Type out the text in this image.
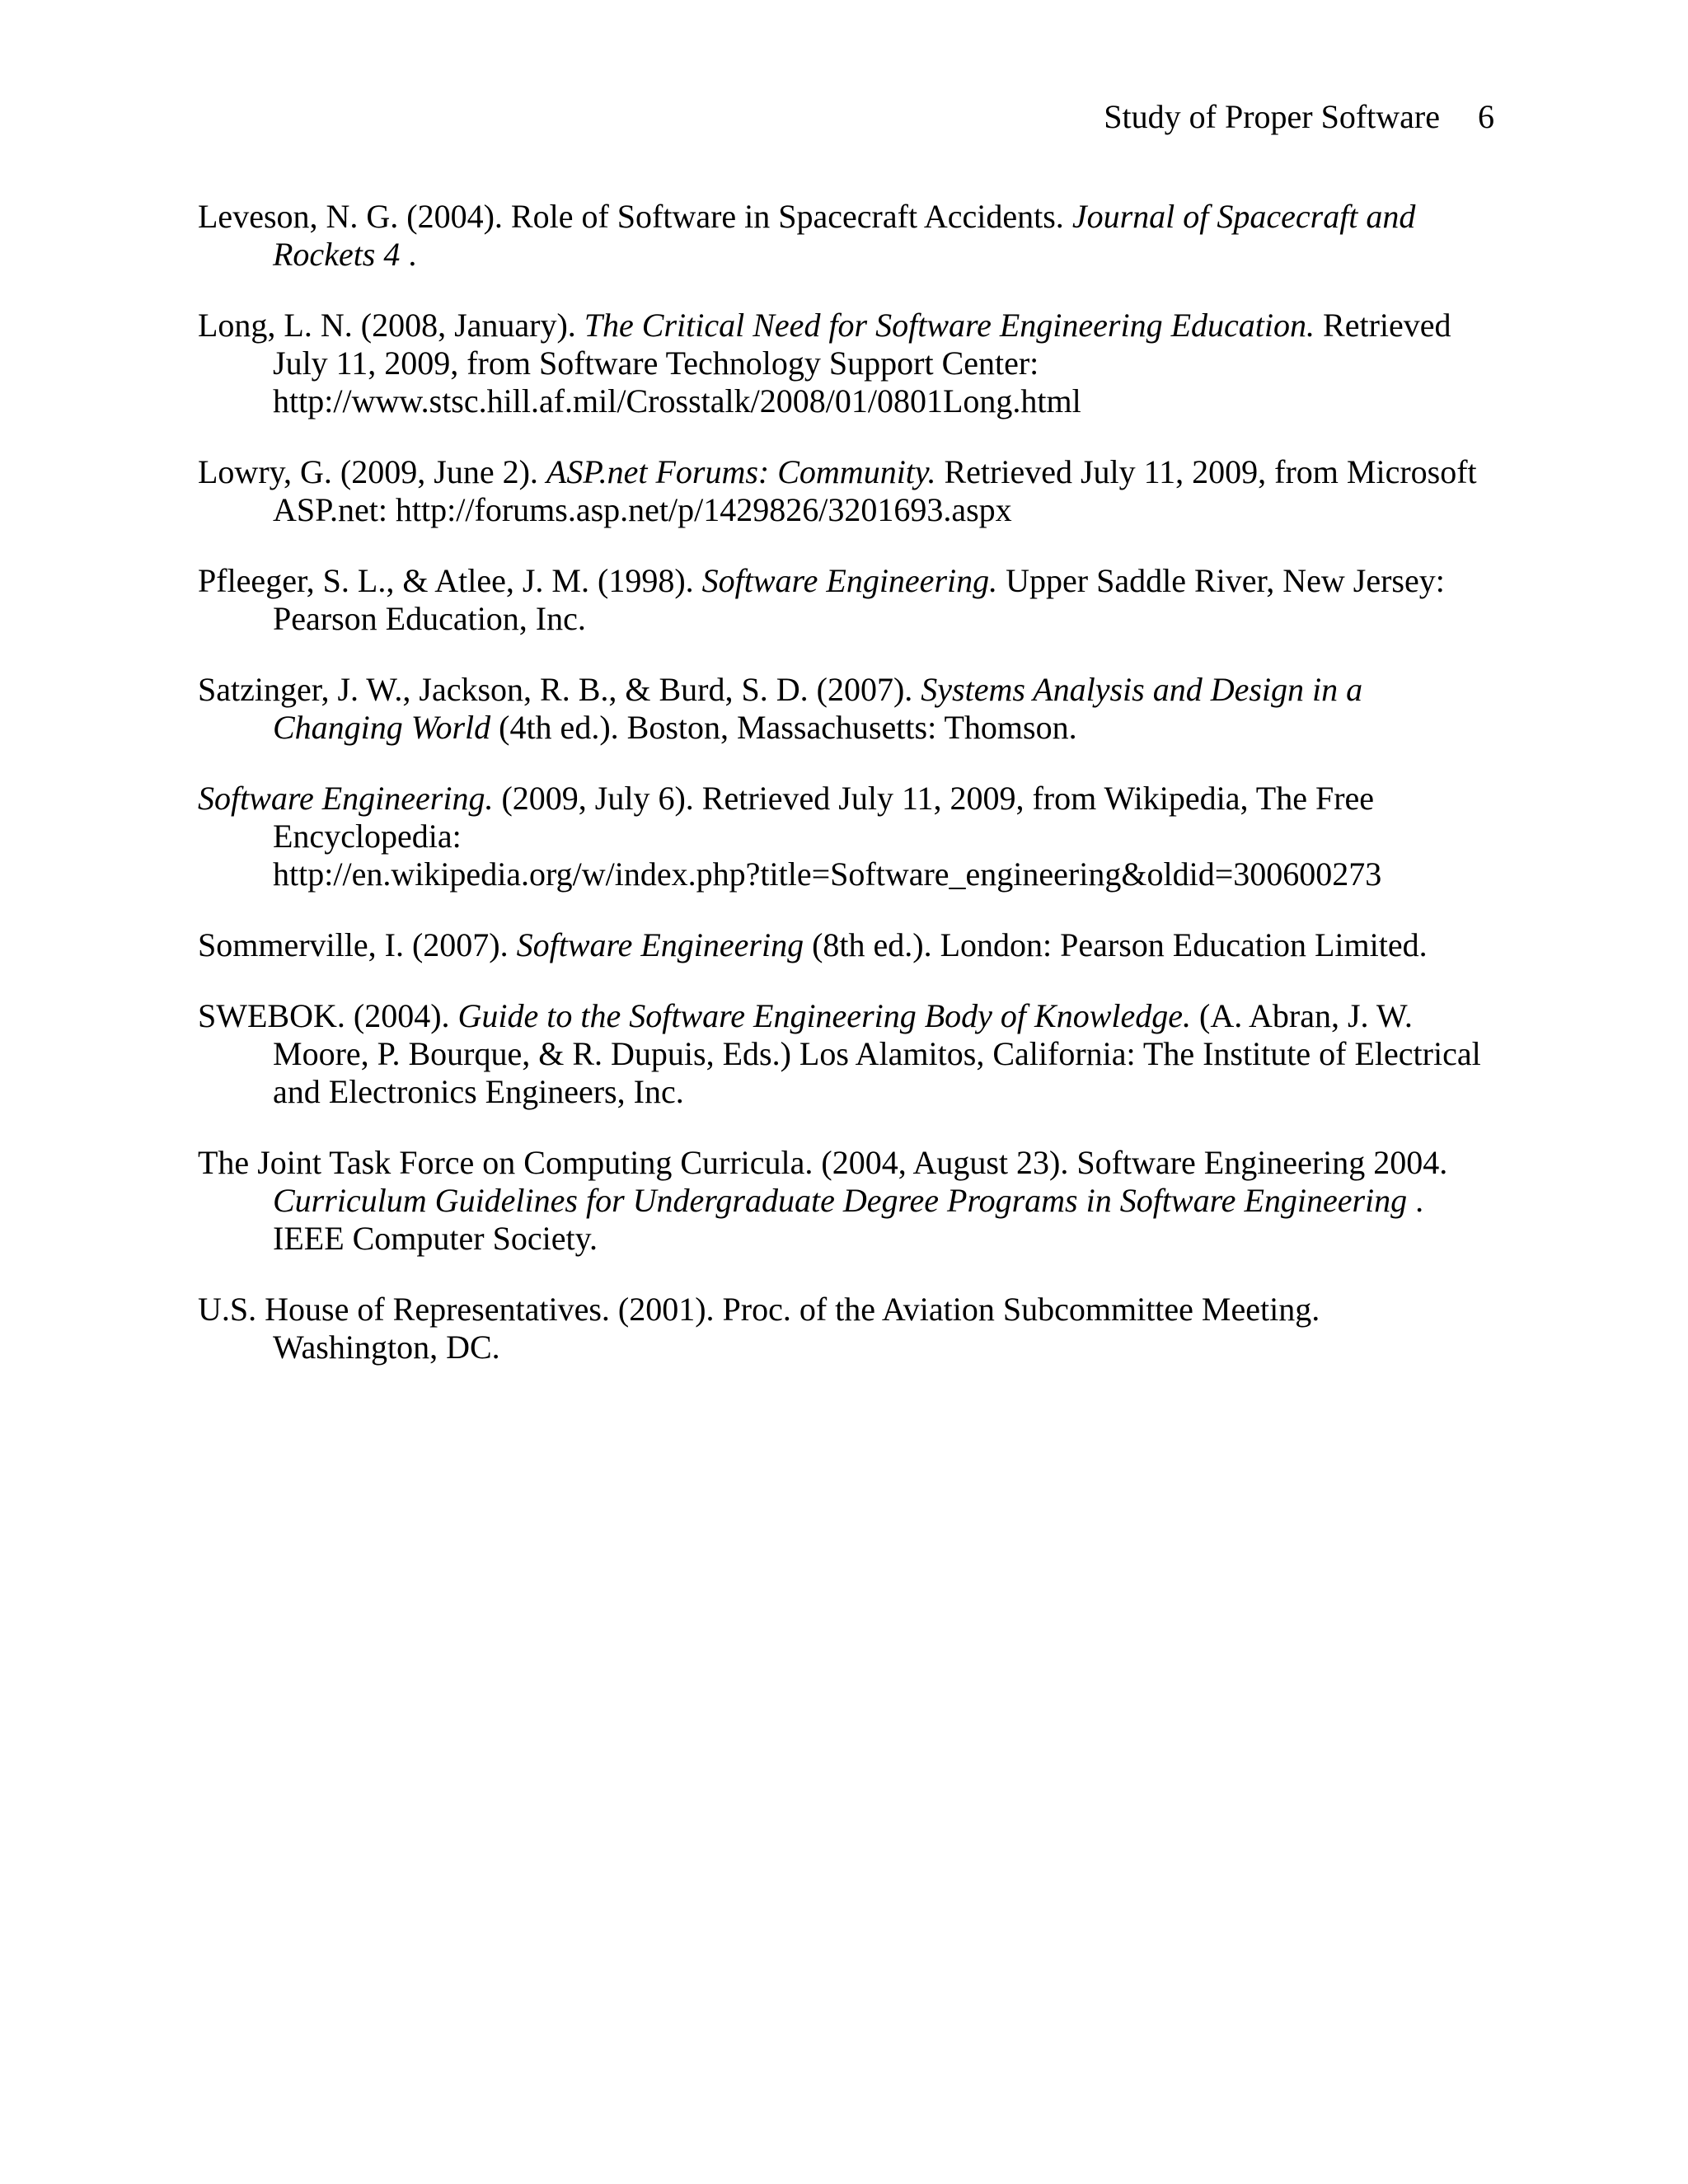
Study of Proper Software 6
Leveson, N. G. (2004). Role of Software in Spacecraft Accidents. Journal of Spacecraft and Rockets 4 .
Long, L. N. (2008, January). The Critical Need for Software Engineering Education. Retrieved July 11, 2009, from Software Technology Support Center: http://www.stsc.hill.af.mil/Crosstalk/2008/01/0801Long.html
Lowry, G. (2009, June 2). ASP.net Forums: Community. Retrieved July 11, 2009, from Microsoft ASP.net: http://forums.asp.net/p/1429826/3201693.aspx
Pfleeger, S. L., & Atlee, J. M. (1998). Software Engineering. Upper Saddle River, New Jersey: Pearson Education, Inc.
Satzinger, J. W., Jackson, R. B., & Burd, S. D. (2007). Systems Analysis and Design in a Changing World (4th ed.). Boston, Massachusetts: Thomson.
Software Engineering. (2009, July 6). Retrieved July 11, 2009, from Wikipedia, The Free Encyclopedia: http://en.wikipedia.org/w/index.php?title=Software_engineering&oldid=300600273
Sommerville, I. (2007). Software Engineering (8th ed.). London: Pearson Education Limited.
SWEBOK. (2004). Guide to the Software Engineering Body of Knowledge. (A. Abran, J. W. Moore, P. Bourque, & R. Dupuis, Eds.) Los Alamitos, California: The Institute of Electrical and Electronics Engineers, Inc.
The Joint Task Force on Computing Curricula. (2004, August 23). Software Engineering 2004. Curriculum Guidelines for Undergraduate Degree Programs in Software Engineering . IEEE Computer Society.
U.S. House of Representatives. (2001). Proc. of the Aviation Subcommittee Meeting. Washington, DC.
